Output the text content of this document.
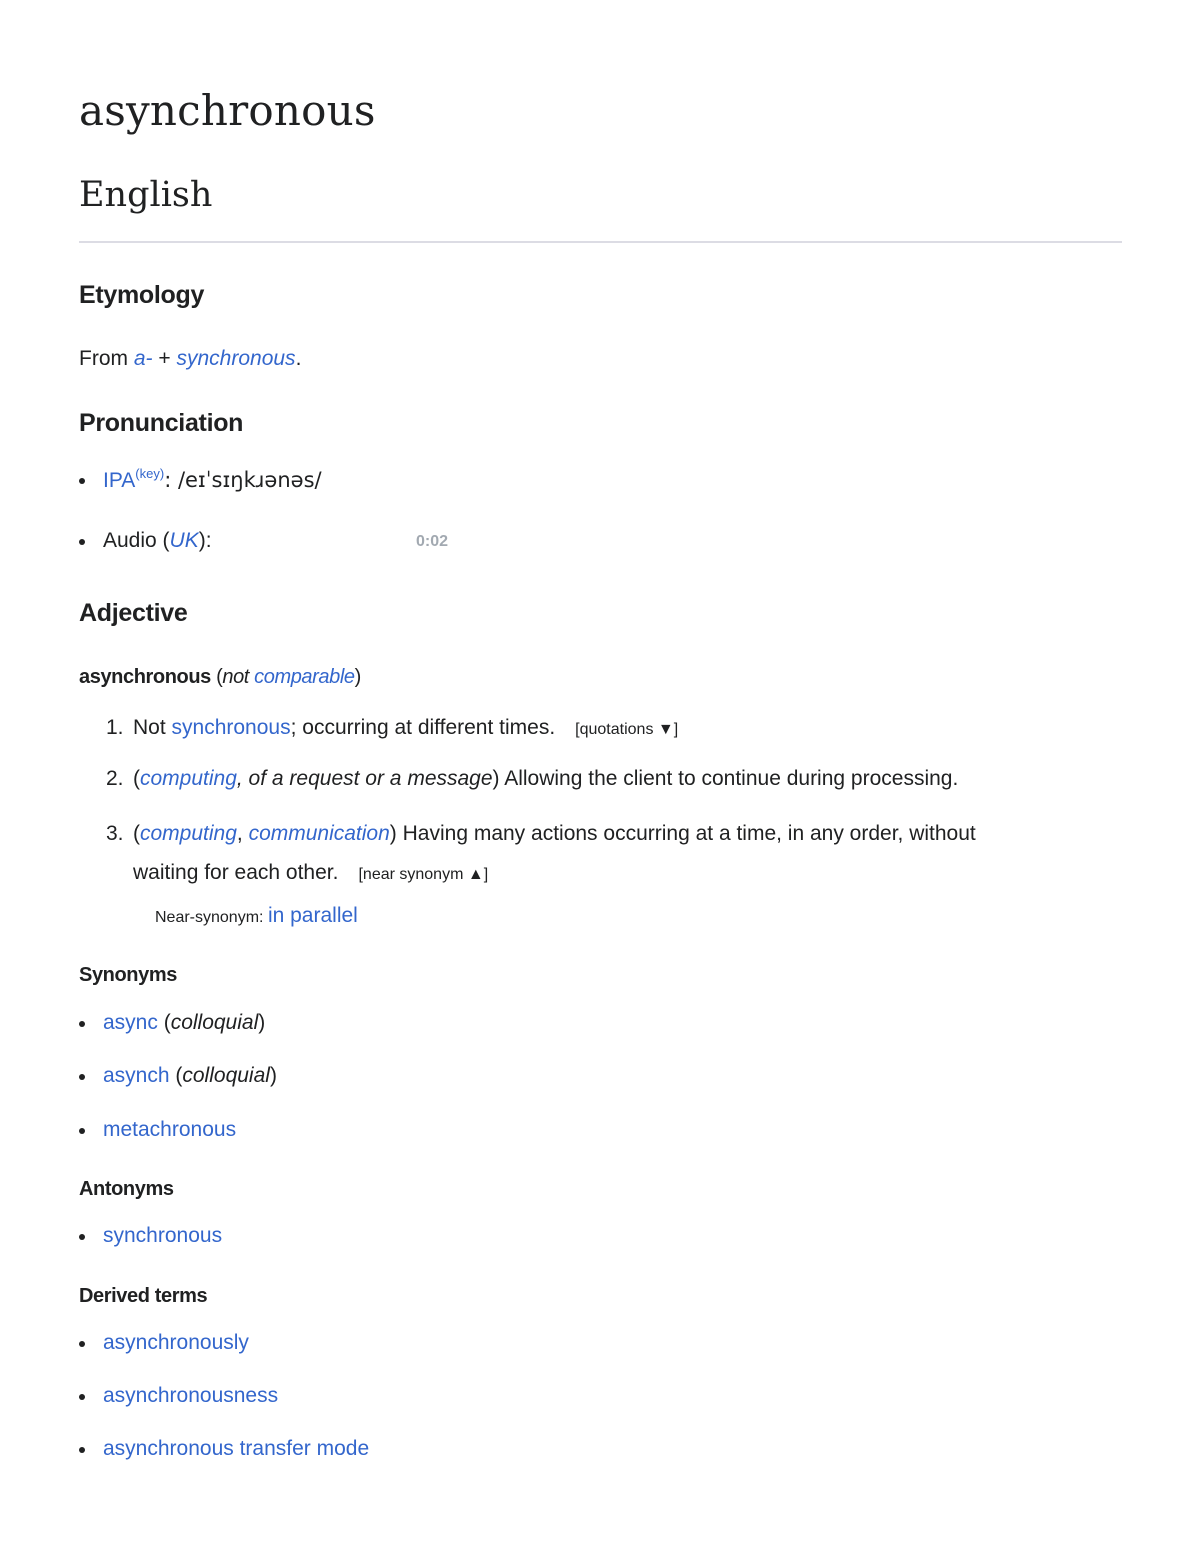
asynchronous
English
Etymology
From a- + synchronous.
Pronunciation
IPA$^{(key)}$: /eɪˈsɪŋkɹənəs/
Audio (UK):	0:02
Adjective
asynchronous (not comparable)
1. Not synchronous; occurring at different times. [quotations ▼]
2. (computing, of a request or a message) Allowing the client to continue during processing.
3. (computing, communication) Having many actions occurring at a time, in any order, without
waiting for each other. [near synonym ▲]
Near-synonym: in parallel
Synonyms
async (colloquial)
asynch (colloquial)
metachronous
Antonyms
synchronous
Derived terms
asynchronously
asynchronousness
asynchronous transfer mode
